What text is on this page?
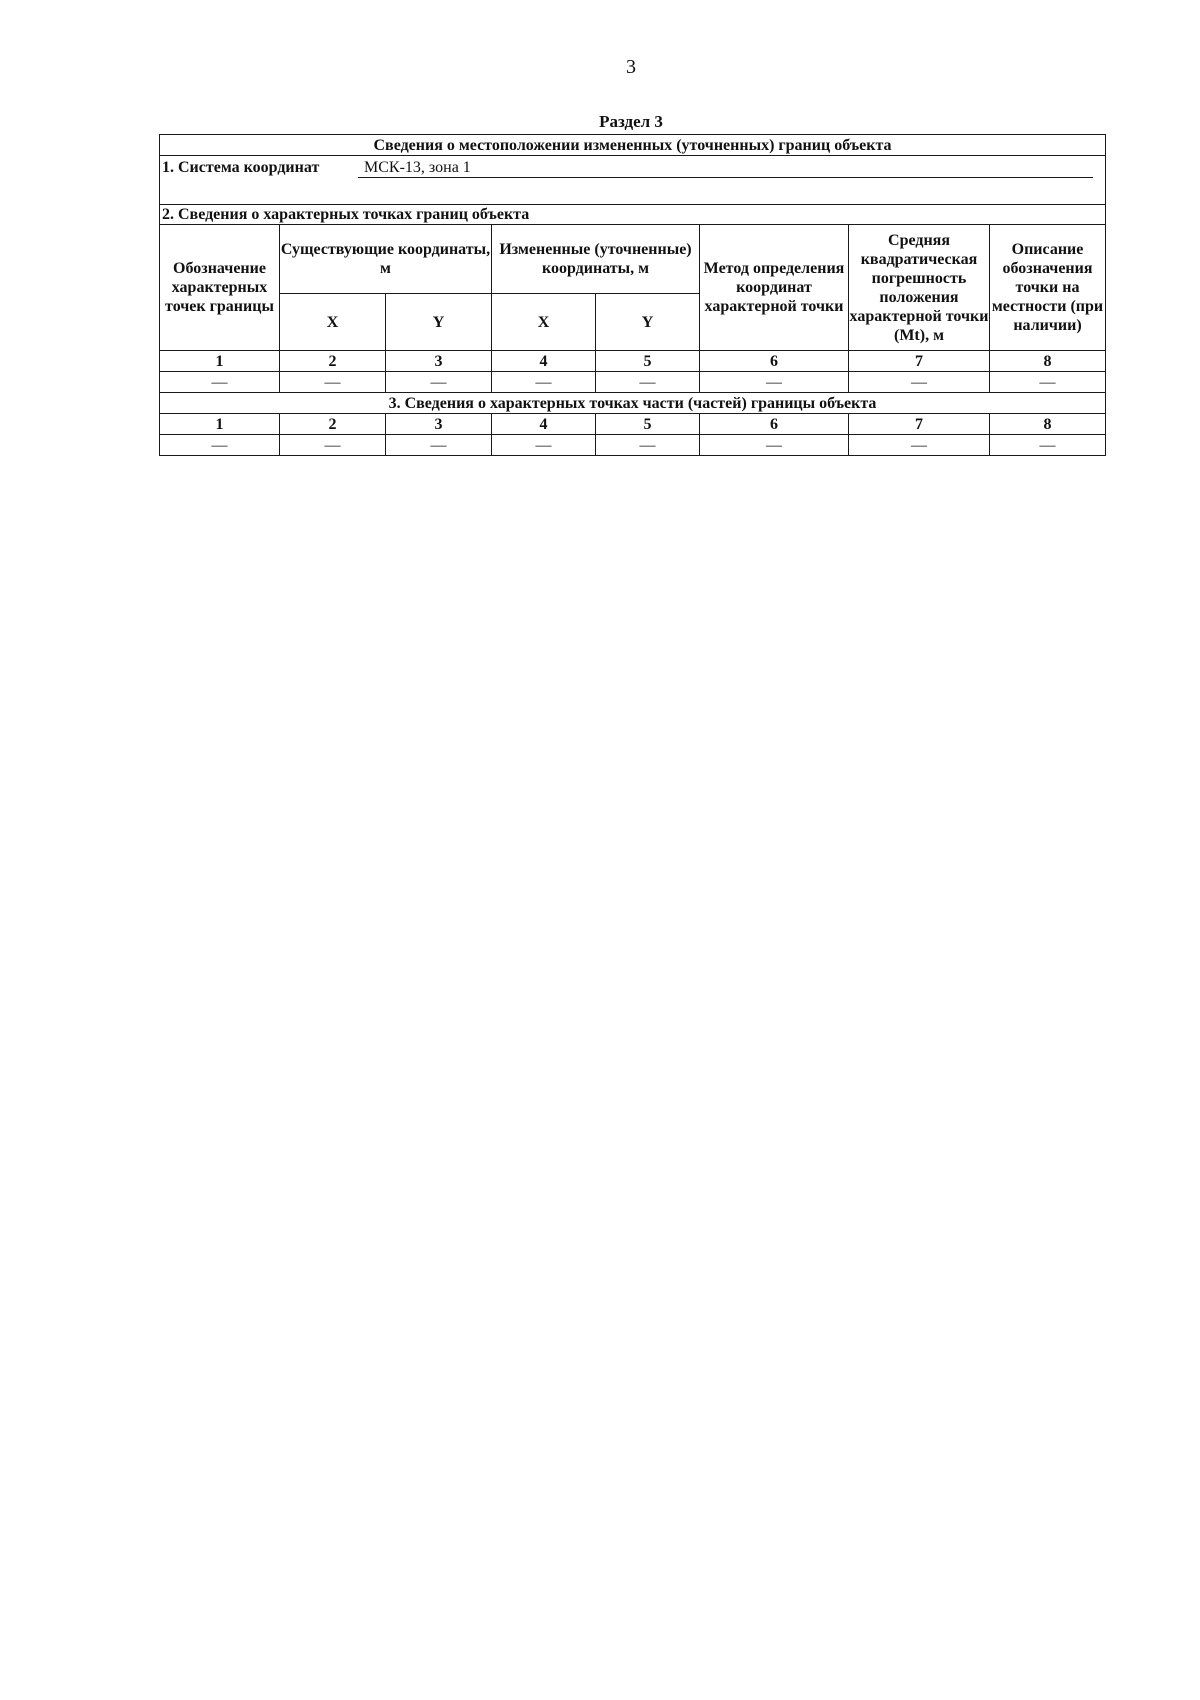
3
Раздел 3
Сведения о местоположении измененных (уточненных) границ объекта							
1. Система координат МСК-13, зона 1							
2. Сведения о характерных точках границ объекта							
Обозначение характерных точек границы	Существующие координаты, м		Измененные (уточненные) координаты, м		Метод определения координат характерной точки	Средняя квадратическая погрешность положения характерной точки (Mt), м	Описание обозначения точки на местности (при наличии)
	X	Y	X	Y			
1	2	3	4	5	6	7	8
—	—	—	—	—	—	—	—
3. Сведения о характерных точках части (частей) границы объекта							
1	2	3	4	5	6	7	8
—	—	—	—	—	—	—	—
